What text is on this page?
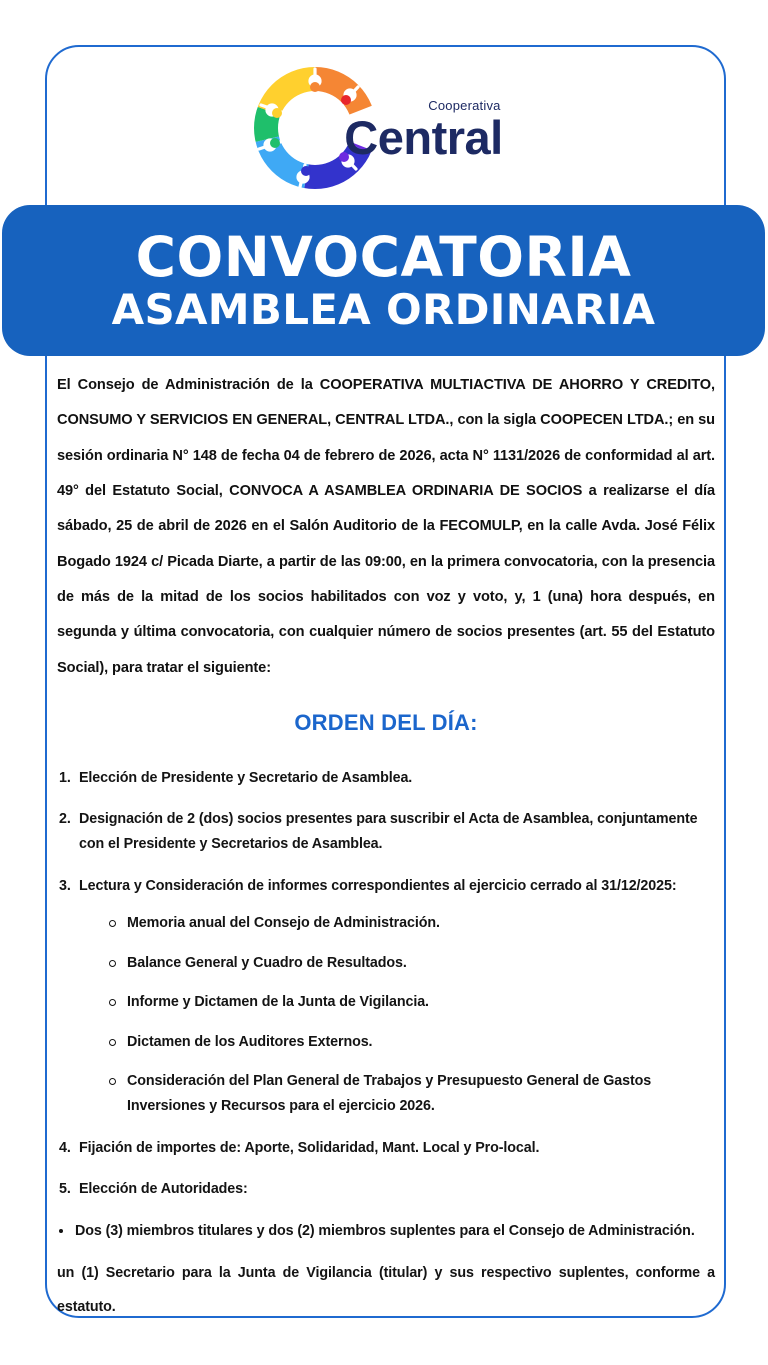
Cooperativa
Central
CONVOCATORIA
ASAMBLEA ORDINARIA

El Consejo de Administración de la COOPERATIVA MULTIACTIVA DE AHORRO Y CREDITO, CONSUMO Y SERVICIOS EN GENERAL, CENTRAL LTDA., con la sigla COOPECEN LTDA.; en su sesión ordinaria N° 148 de fecha 04 de febrero de 2026, acta N° 1131/2026 de conformidad al art. 49° del Estatuto Social, CONVOCA A ASAMBLEA ORDINARIA DE SOCIOS a realizarse el día sábado, 25 de abril de 2026 en el Salón Auditorio de la FECOMULP, en la calle Avda. José Félix Bogado 1924 c/ Picada Diarte, a partir de las 09:00, en la primera convocatoria, con la presencia de más de la mitad de los socios habilitados con voz y voto, y, 1 (una) hora después, en segunda y última convocatoria, con cualquier número de socios presentes (art. 55 del Estatuto Social), para tratar el siguiente:

ORDEN DEL DÍA:
Elección de Presidente y Secretario de Asamblea.
Designación de 2 (dos) socios presentes para suscribir el Acta de Asamblea, conjuntamente con el Presidente y Secretarios de Asamblea.
Lectura y Consideración de informes correspondientes al ejercicio cerrado al 31/12/2025:
Memoria anual del Consejo de Administración.
Balance General y Cuadro de Resultados.
Informe y Dictamen de la Junta de Vigilancia.
Dictamen de los Auditores Externos.
Consideración del Plan General de Trabajos y Presupuesto General de Gastos Inversiones y Recursos para el ejercicio 2026.
Fijación de importes de: Aporte, Solidaridad, Mant. Local y Pro-local.
Elección de Autoridades:

Dos (3) miembros titulares y dos (2) miembros suplentes para el Consejo de Administración.

un (1) Secretario para la Junta de Vigilancia (titular) y sus respectivo suplentes, conforme a estatuto.
